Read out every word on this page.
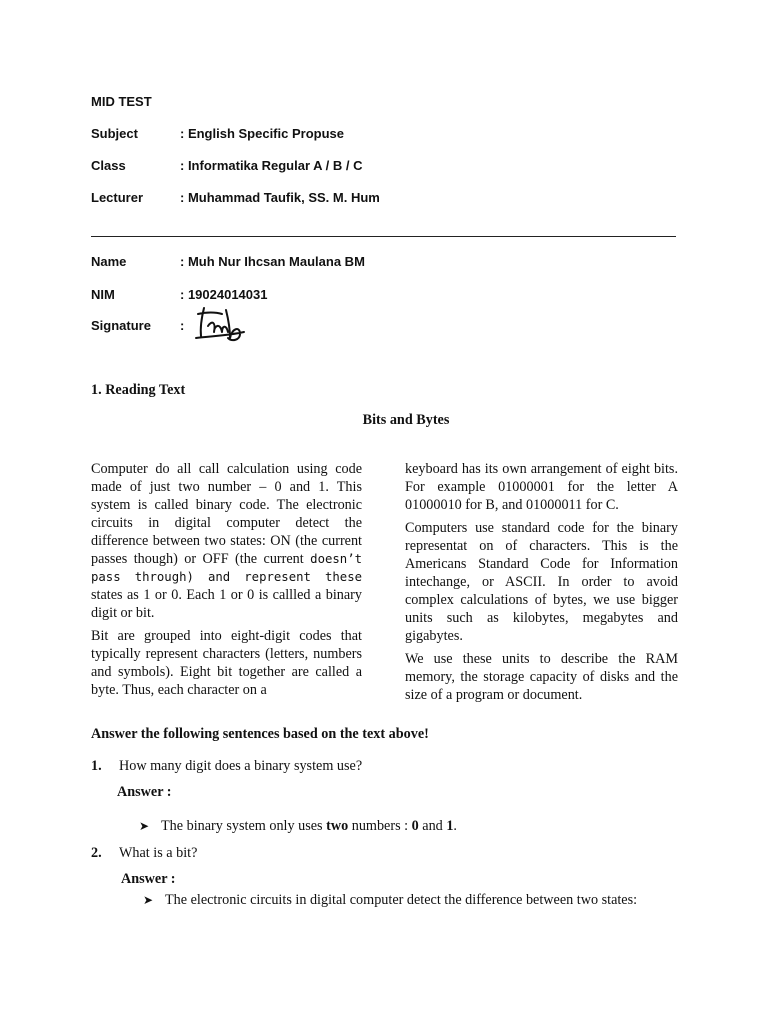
MID TEST
Subject	: English Specific Propuse
Class	: Informatika Regular A / B / C
Lecturer	: Muhammad Taufik, SS. M. Hum
Name	: Muh Nur Ihcsan Maulana BM
NIM	: 19024014031
Signature :
1. Reading Text
Bits and Bytes

Computer do all call calculation using code made of just two number – 0 and 1. This system is called binary code. The electronic circuits in digital computer detect the difference between two states: ON (the current passes though) or OFF (the current doesn’t pass through) and represent these states as 1 or 0. Each 1 or 0 is callled a binary digit or bit.

Bit are grouped into eight-digit codes that typically represent characters (letters, numbers and symbols). Eight bit together are called a byte. Thus, each character on a

keyboard has its own arrangement of eight bits. For example 01000001 for the letter A 01000010 for B, and 01000011 for C.

Computers use standard code for the binary representat on of characters. This is the Americans Standard Code for Information intechange, or ASCII. In order to avoid complex calculations of bytes, we use bigger units such as kilobytes, megabytes and gigabytes.

We use these units to describe the RAM memory, the storage capacity of disks and the size of a program or document.

Answer the following sentences based on the text above!
1. How many digit does a binary system use?
Answer :
➤ The binary system only uses two numbers : 0 and 1.
2. What is a bit?
Answer :
➤ The electronic circuits in digital computer detect the difference between two states:
